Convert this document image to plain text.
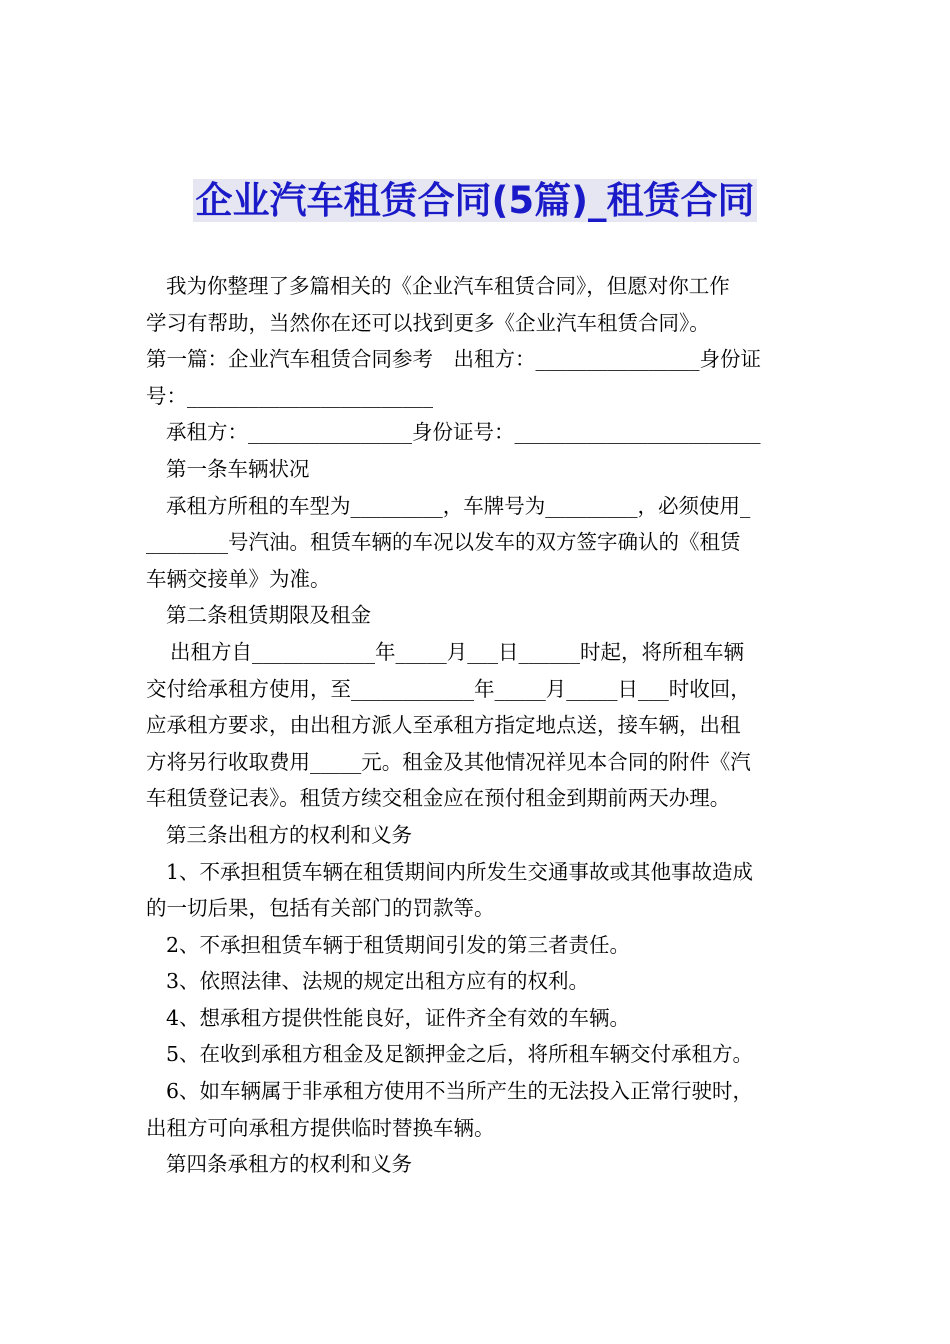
企业汽车租赁合同(5篇)_租赁合同

我为你整理了多篇相关的《企业汽车租赁合同》，但愿对你工作

学习有帮助，当然你在还可以找到更多《企业汽车租赁合同》。

第一篇：企业汽车租赁合同参考　出租方：________________身份证

号：________________________

承租方：________________身份证号：________________________

第一条车辆状况

承租方所租的车型为_________，车牌号为_________，必须使用_

________号汽油。租赁车辆的车况以发车的双方签字确认的《租赁

车辆交接单》为准。

第二条租赁期限及租金

出租方自____________年_____月___日______时起，将所租车辆

交付给承租方使用，至____________年_____月_____日___时收回，

应承租方要求，由出租方派人至承租方指定地点送，接车辆，出租

方将另行收取费用_____元。租金及其他情况祥见本合同的附件《汽

车租赁登记表》。租赁方续交租金应在预付租金到期前两天办理。

第三条出租方的权利和义务

1、不承担租赁车辆在租赁期间内所发生交通事故或其他事故造成

的一切后果，包括有关部门的罚款等。

2、不承担租赁车辆于租赁期间引发的第三者责任。

3、依照法律、法规的规定出租方应有的权利。

4、想承租方提供性能良好，证件齐全有效的车辆。

5、在收到承租方租金及足额押金之后，将所租车辆交付承租方。

6、如车辆属于非承租方使用不当所产生的无法投入正常行驶时，

出租方可向承租方提供临时替换车辆。

第四条承租方的权利和义务
